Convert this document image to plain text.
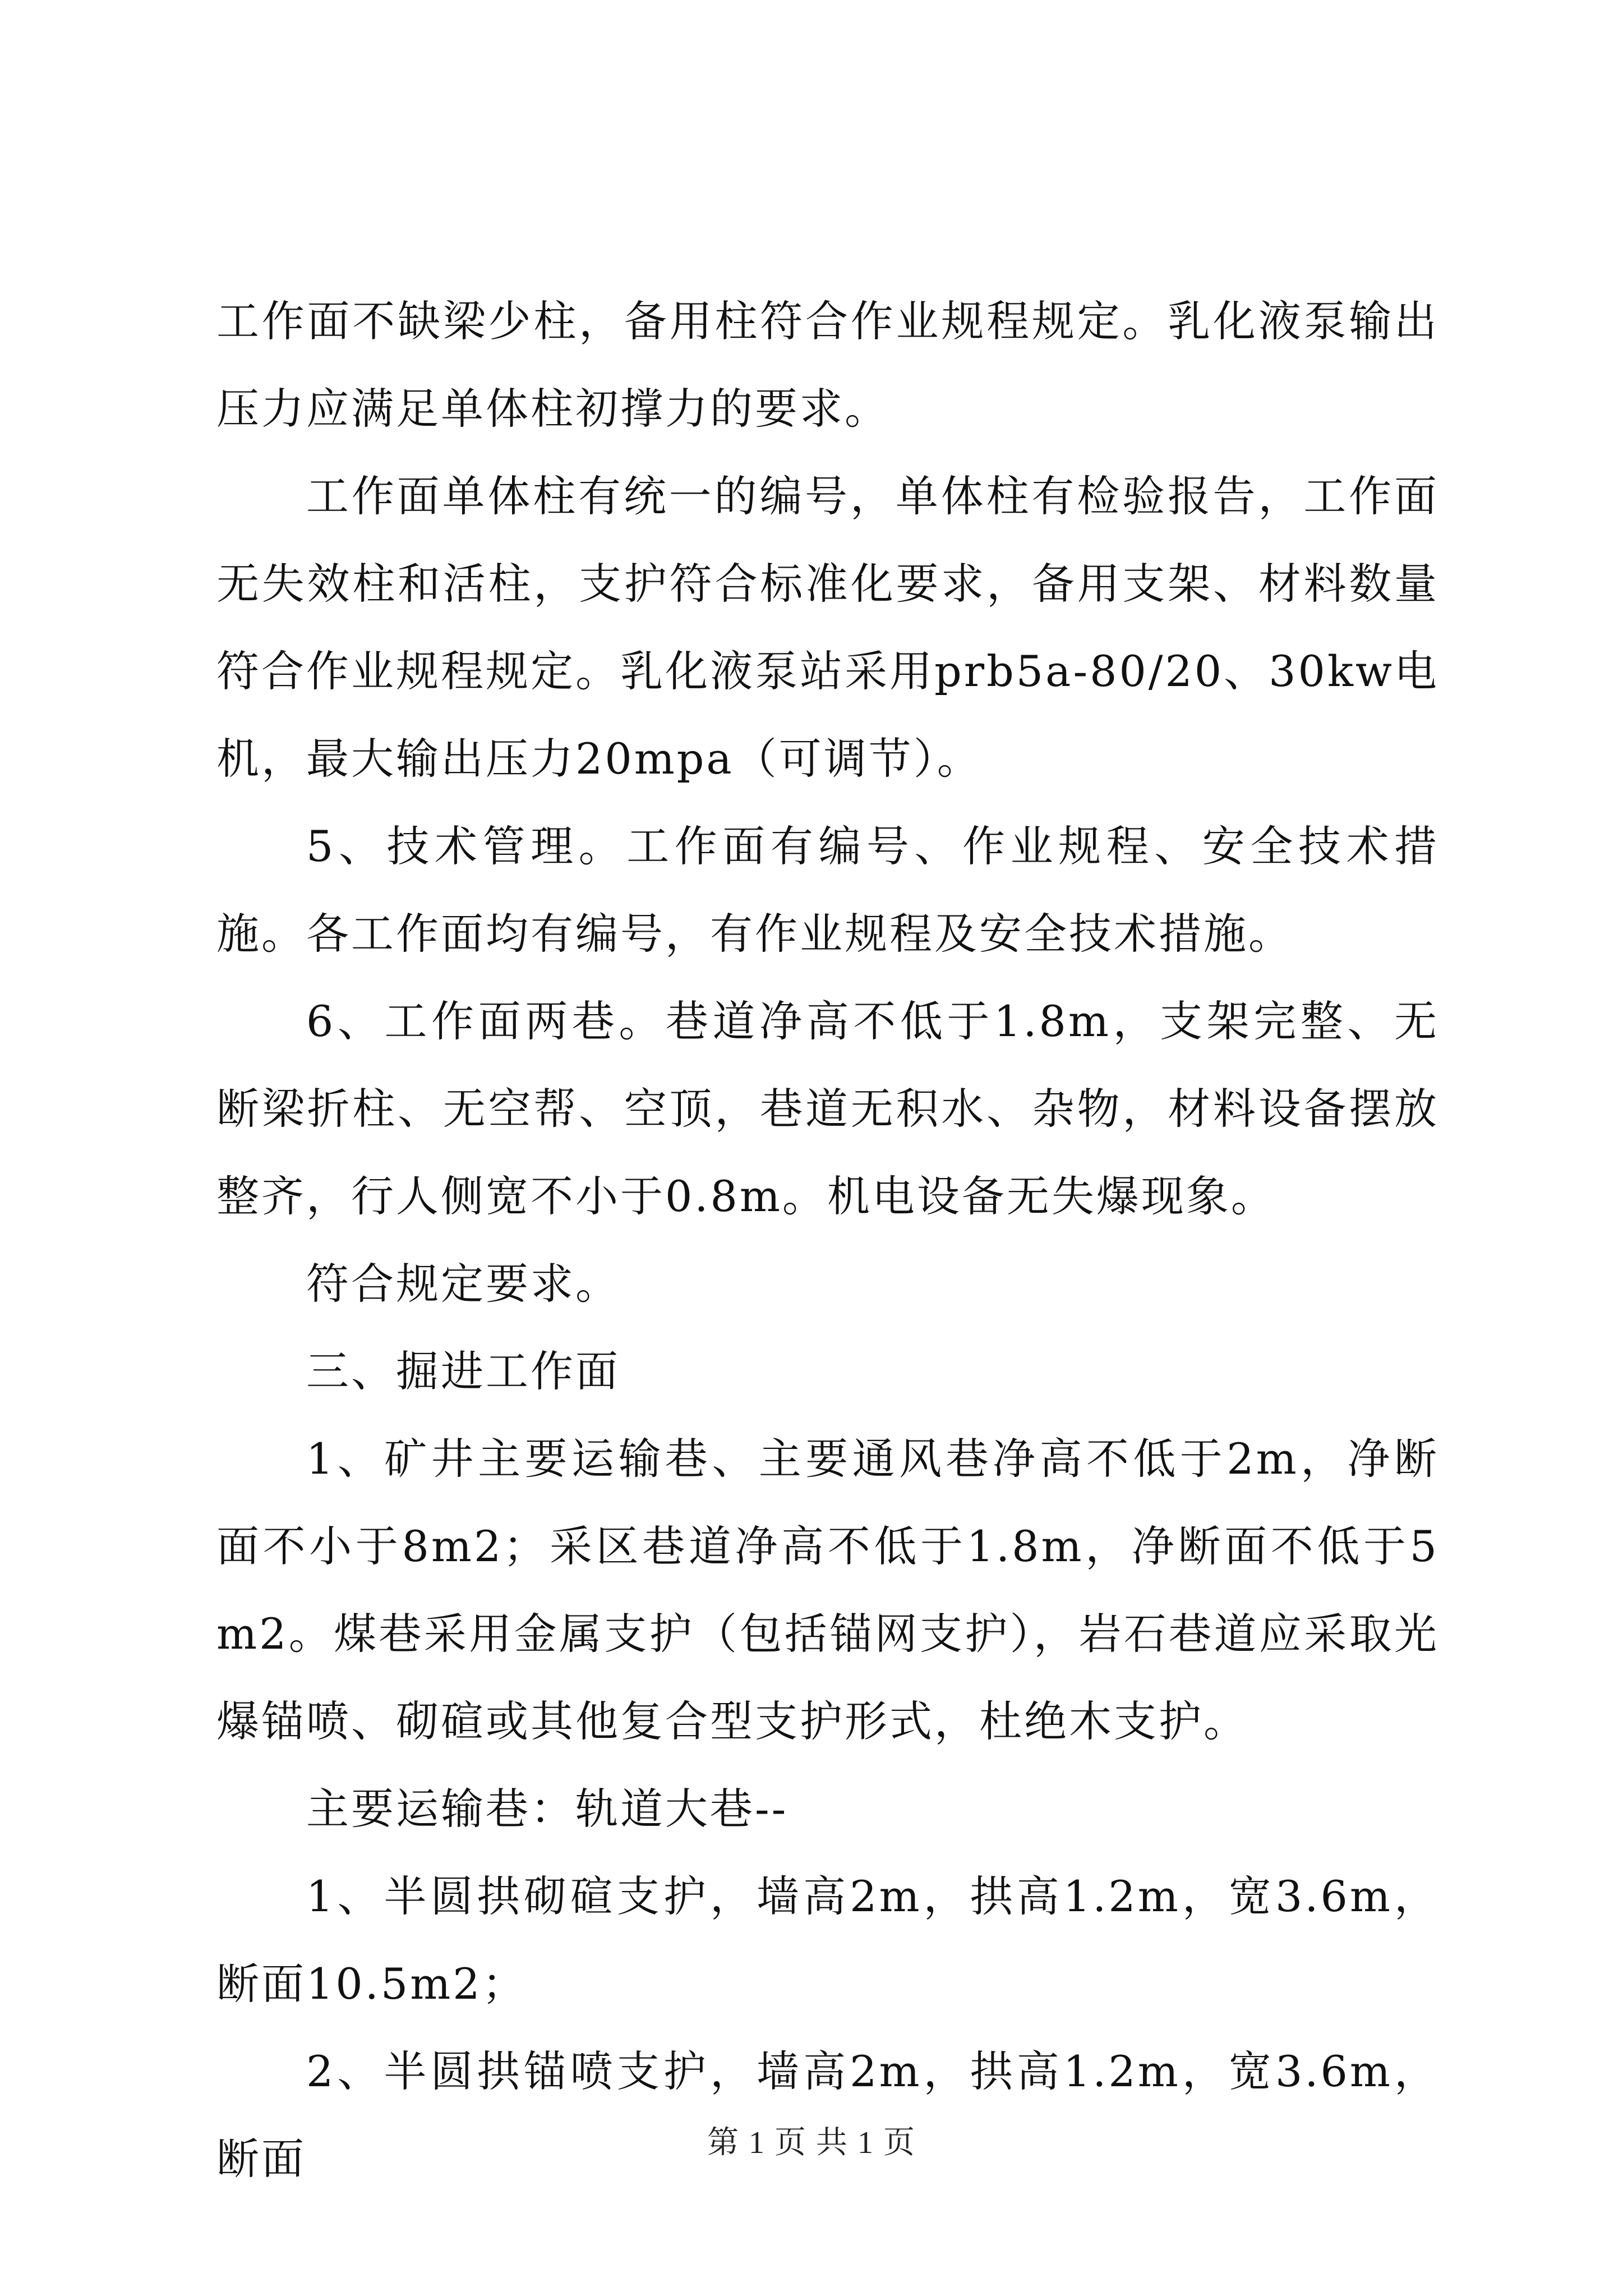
工作面不缺梁少柱，备用柱符合作业规程规定。乳化液泵输出压力应满足单体柱初撑力的要求。

工作面单体柱有统一的编号，单体柱有检验报告，工作面无失效柱和活柱，支护符合标准化要求，备用支架、材料数量符合作业规程规定。乳化液泵站采用prb5a-80/20、30kw电机，最大输出压力20mpa（可调节）。

5、技术管理。工作面有编号、作业规程、安全技术措施。各工作面均有编号，有作业规程及安全技术措施。

6、工作面两巷。巷道净高不低于1.8m，支架完整、无断梁折柱、无空帮、空顶，巷道无积水、杂物，材料设备摆放整齐，行人侧宽不小于0.8m。机电设备无失爆现象。

符合规定要求。

三、掘进工作面

1、矿井主要运输巷、主要通风巷净高不低于2m，净断面不小于8m2；采区巷道净高不低于1.8m，净断面不低于5m2。煤巷采用金属支护（包括锚网支护），岩石巷道应采取光爆锚喷、砌碹或其他复合型支护形式，杜绝木支护。

主要运输巷：轨道大巷--

1、半圆拱砌碹支护，墙高2m，拱高1.2m，宽3.6m，断面10.5m2；

2、半圆拱锚喷支护，墙高2m，拱高1.2m，宽3.6m，断面	第 1 页 共 1 页
